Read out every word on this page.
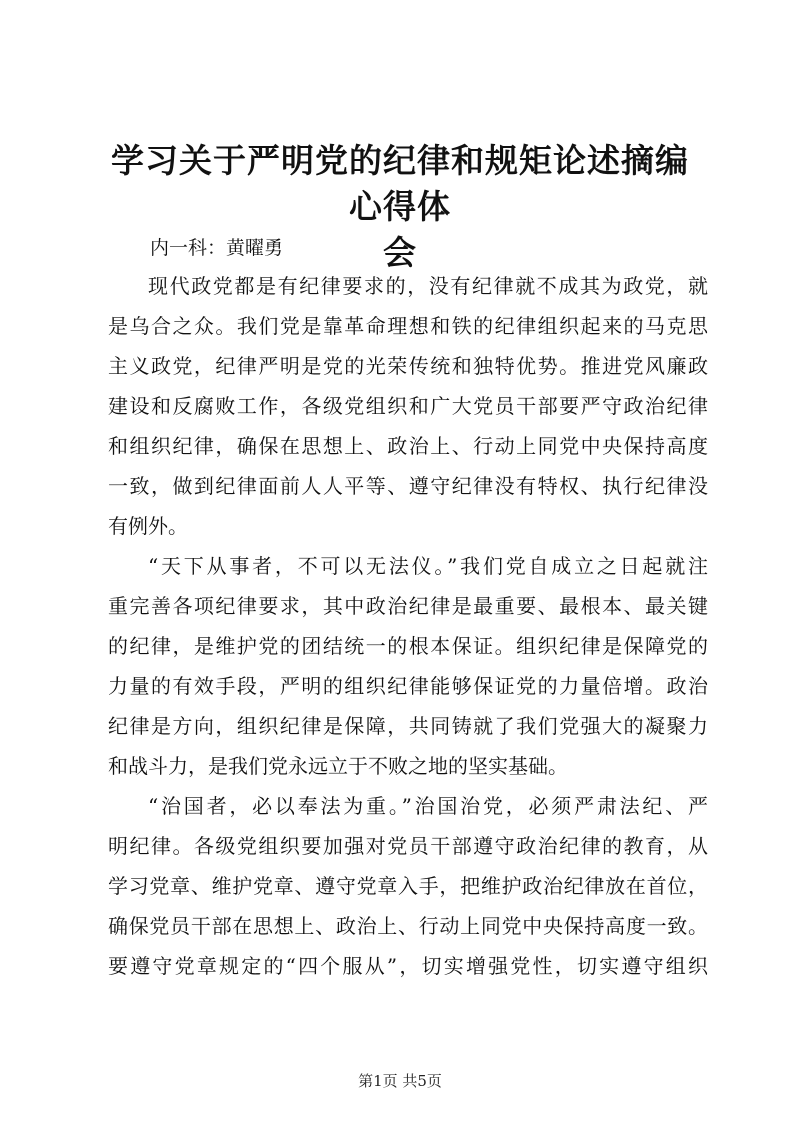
学习关于严明党的纪律和规矩论述摘编心得体
会
内一科：黄曜勇
现代政党都是有纪律要求的，没有纪律就不成其为政党，就
是乌合之众。我们党是靠革命理想和铁的纪律组织起来的马克思
主义政党，纪律严明是党的光荣传统和独特优势。推进党风廉政
建设和反腐败工作，各级党组织和广大党员干部要严守政治纪律
和组织纪律，确保在思想上、政治上、行动上同党中央保持高度
一致，做到纪律面前人人平等、遵守纪律没有特权、执行纪律没
有例外。
“天下从事者，不可以无法仪。”我们党自成立之日起就注
重完善各项纪律要求，其中政治纪律是最重要、最根本、最关键
的纪律，是维护党的团结统一的根本保证。组织纪律是保障党的
力量的有效手段，严明的组织纪律能够保证党的力量倍增。政治
纪律是方向，组织纪律是保障，共同铸就了我们党强大的凝聚力
和战斗力，是我们党永远立于不败之地的坚实基础。
“治国者，必以奉法为重。”治国治党，必须严肃法纪、严
明纪律。各级党组织要加强对党员干部遵守政治纪律的教育，从
学习党章、维护党章、遵守党章入手，把维护政治纪律放在首位，
确保党员干部在思想上、政治上、行动上同党中央保持高度一致。
要遵守党章规定的“四个服从”，切实增强党性，切实遵守组织
第1页 共5页
